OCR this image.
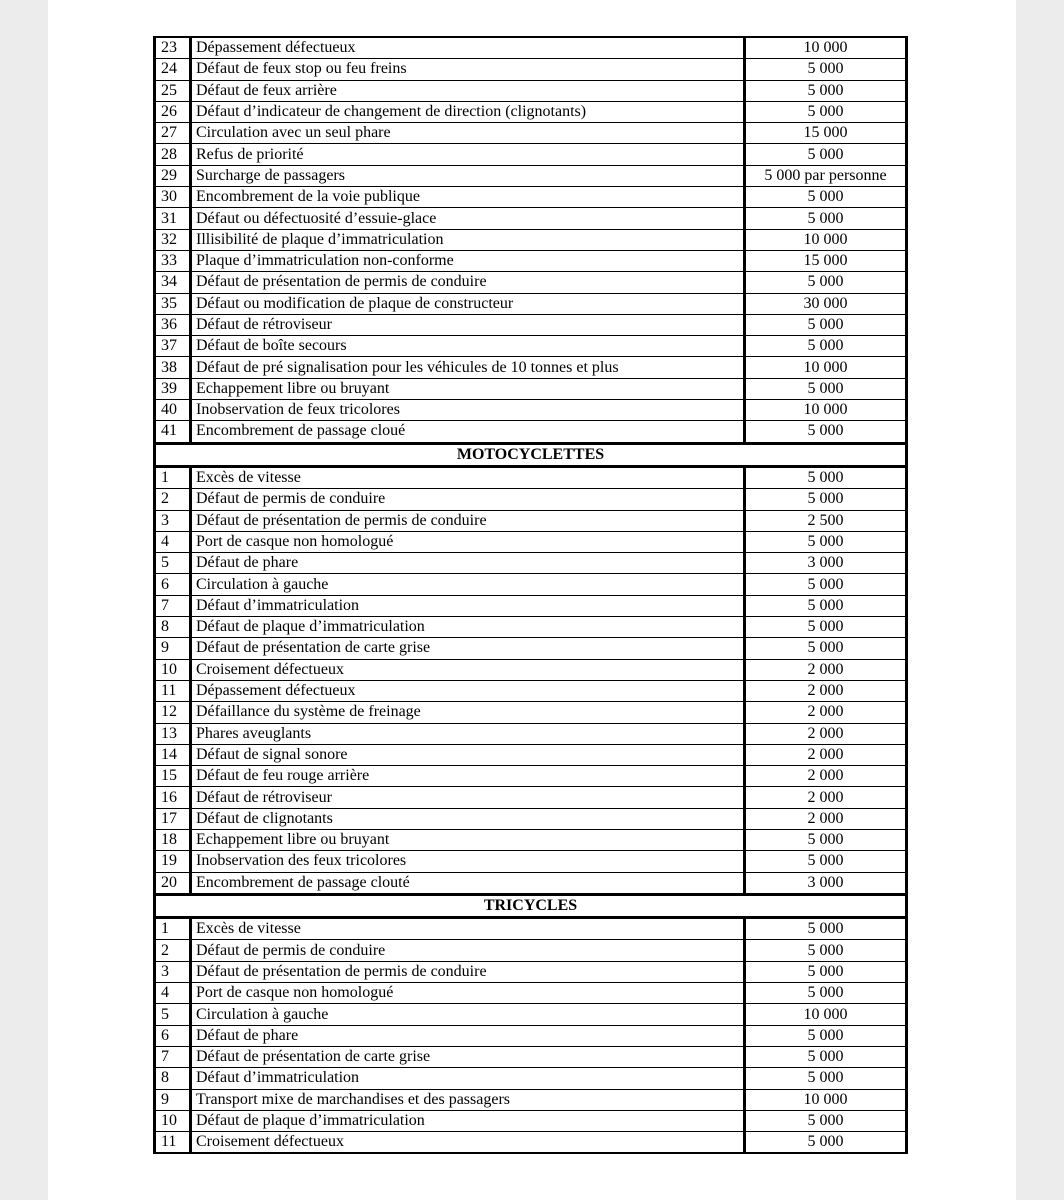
23	Dépassement défectueux	10 000
24	Défaut de feux stop ou feu freins	5 000
25	Défaut de feux arrière	5 000
26	Défaut d’indicateur de changement de direction (clignotants)	5 000
27	Circulation avec un seul phare	15 000
28	Refus de priorité	5 000
29	Surcharge de passagers	5 000 par personne
30	Encombrement de la voie publique	5 000
31	Défaut ou défectuosité d’essuie-glace	5 000
32	Illisibilité de plaque d’immatriculation	10 000
33	Plaque d’immatriculation non-conforme	15 000
34	Défaut de présentation de permis de conduire	5 000
35	Défaut ou modification de plaque de constructeur	30 000
36	Défaut de rétroviseur	5 000
37	Défaut de boîte secours	5 000
38	Défaut de pré signalisation pour les véhicules de 10 tonnes et plus	10 000
39	Echappement libre ou bruyant	5 000
40	Inobservation de feux tricolores	10 000
41	Encombrement de passage cloué	5 000
MOTOCYCLETTES		
1	Excès de vitesse	5 000
2	Défaut de permis de conduire	5 000
3	Défaut de présentation de permis de conduire	2 500
4	Port de casque non homologué	5 000
5	Défaut de phare	3 000
6	Circulation à gauche	5 000
7	Défaut d’immatriculation	5 000
8	Défaut de plaque d’immatriculation	5 000
9	Défaut de présentation de carte grise	5 000
10	Croisement défectueux	2 000
11	Dépassement défectueux	2 000
12	Défaillance du système de freinage	2 000
13	Phares aveuglants	2 000
14	Défaut de signal sonore	2 000
15	Défaut de feu rouge arrière	2 000
16	Défaut de rétroviseur	2 000
17	Défaut de clignotants	2 000
18	Echappement libre ou bruyant	5 000
19	Inobservation des feux tricolores	5 000
20	Encombrement de passage clouté	3 000
TRICYCLES		
1	Excès de vitesse	5 000
2	Défaut de permis de conduire	5 000
3	Défaut de présentation de permis de conduire	5 000
4	Port de casque non homologué	5 000
5	Circulation à gauche	10 000
6	Défaut de phare	5 000
7	Défaut de présentation de carte grise	5 000
8	Défaut d’immatriculation	5 000
9	Transport mixe de marchandises et des passagers	10 000
10	Défaut de plaque d’immatriculation	5 000
11	Croisement défectueux	5 000
